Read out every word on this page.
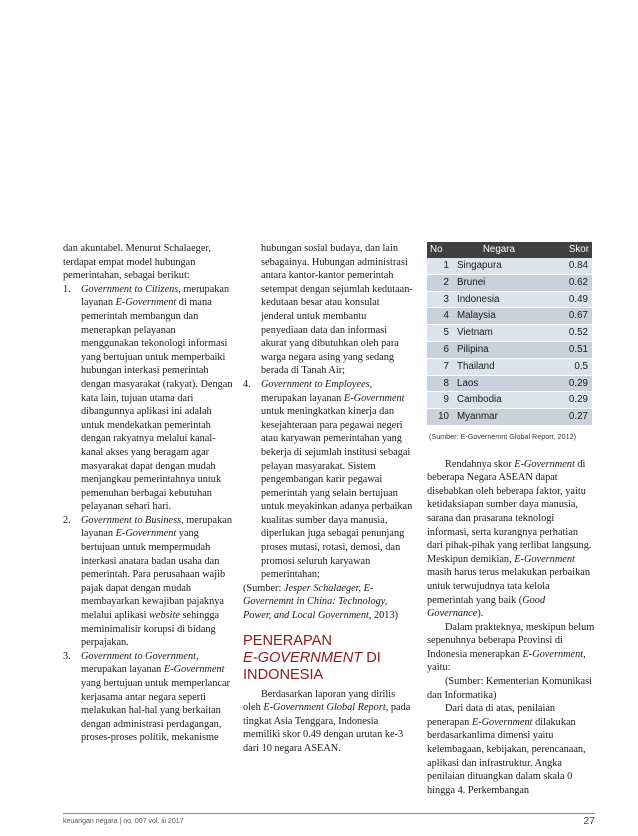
dan akuntabel. Menurut Schalaeger, terdapat empat model hubungan pemerintahan, sebagai berikut:

1. Government to Citizens, merupakan layanan E-Government di mana pemerintah membangun dan menerapkan pelayanan menggunakan tekonologi informasi yang bertujuan untuk memperbaiki hubungan interkasi pemerintah dengan masyarakat (rakyat). Dengan kata lain, tujuan utama dari dibangunnya aplikasi ini adalah untuk mendekatkan pemerintah dengan rakyatnya melalui kanal-kanal akses yang beragam agar masyarakat dapat dengan mudah menjangkau pemerintahnya untuk pemenuhan berbagai kebutuhan pelayanan sehari hari.
2. Government to Business, merupakan layanan E-Government yang bertujuan untuk mempermudah interkasi anatara badan usaha dan pemerintah. Para perusahaan wajib pajak dapat dengan mudah membayarkan kewajiban pajaknya melalui aplikasi website sehingga meminimalisir korupsi di bidang perpajakan.
3. Government to Government, merupakan layanan E-Government yang bertujuan untuk memperlancar kerjasama antar negara seperti melakukan hal-hal yang berkaitan dengan administrasi perdagangan, proses-proses politik, mekanisme

hubungan sosial budaya, dan lain sebagainya. Hubungan administrasi antara kantor-kantor pemerintah setempat dengan sejumlah kedutaan-kedutaan besar atau konsulat jenderal untuk membantu penyediaan data dan informasi akurat yang dibutuhkan oleh para warga negara asing yang sedang berada di Tanah Air;

4. Government to Employees, merupakan layanan E-Government untuk meningkatkan kinerja dan kesejahteraan para pegawai negeri atau karyawan pemerintahan yang bekerja di sejumlah institusi sebagai pelayan masyarakat. Sistem pengembangan karir pegawai pemerintah yang selain bertujuan untuk meyakinkan adanya perbaikan kualitas sumber daya manusia, diperlukan juga sebagai penunjang proses mutasi, rotasi, demosi, dan promosi seluruh karyawan pemerintahan;

(Sumber: Jesper Schalaeger, E-Governemnt in China: Technology, Power, and Local Government, 2013)

PENERAPAN
E-GOVERNMENT DI
INDONESIA

Berdasarkan laporan yang dirilis oleh E-Government Global Report, pada tingkat Asia Tenggara, Indonesia memiliki skor 0.49 dengan urutan ke-3 dari 10 negara ASEAN.

No	Negara	Skor
1	Singapura	0.84
2	Brunei	0.62
3	Indonesia	0.49
4	Malaysia	0.67
5	Vietnam	0.52
6	Pilipina	0.51
7	Thailand	0.5
8	Laos	0.29
9	Cambodia	0.29
10	Myanmar	0.27
(Sumber: E-Governemnt Global Report, 2012)

Rendahnya skor E-Government di beberapa Negara ASEAN dapat disebabkan oleh beberapa faktor, yaitu ketidaksiapan sumber daya manusia, sarana dan prasarana teknologi informasi, serta kurangnya perhatian dari pihak-pihak yang terlibat langsung. Meskipun demikian, E-Government masih harus terus melakukan perbaikan untuk terwujudnya tata kelola pemerintah yang baik (Good Governance).

Dalam prakteknya, meskipun belum sepenuhnya beberapa Provinsi di Indonesia menerapkan E-Government, yaitu:

(Sumber: Kementerian Komunikasi dan Informatika)

Dari data di atas, penilaian penerapan E-Government dilakukan berdasarkanlima dimensi yaitu kelembagaan, kebijakan, perencanaan, aplikasi dan infrastruktur. Angka penilaian dituangkan dalam skala 0 hingga 4. Perkembangan

keuangan negara | no. 007 vol. iii 2017	27
